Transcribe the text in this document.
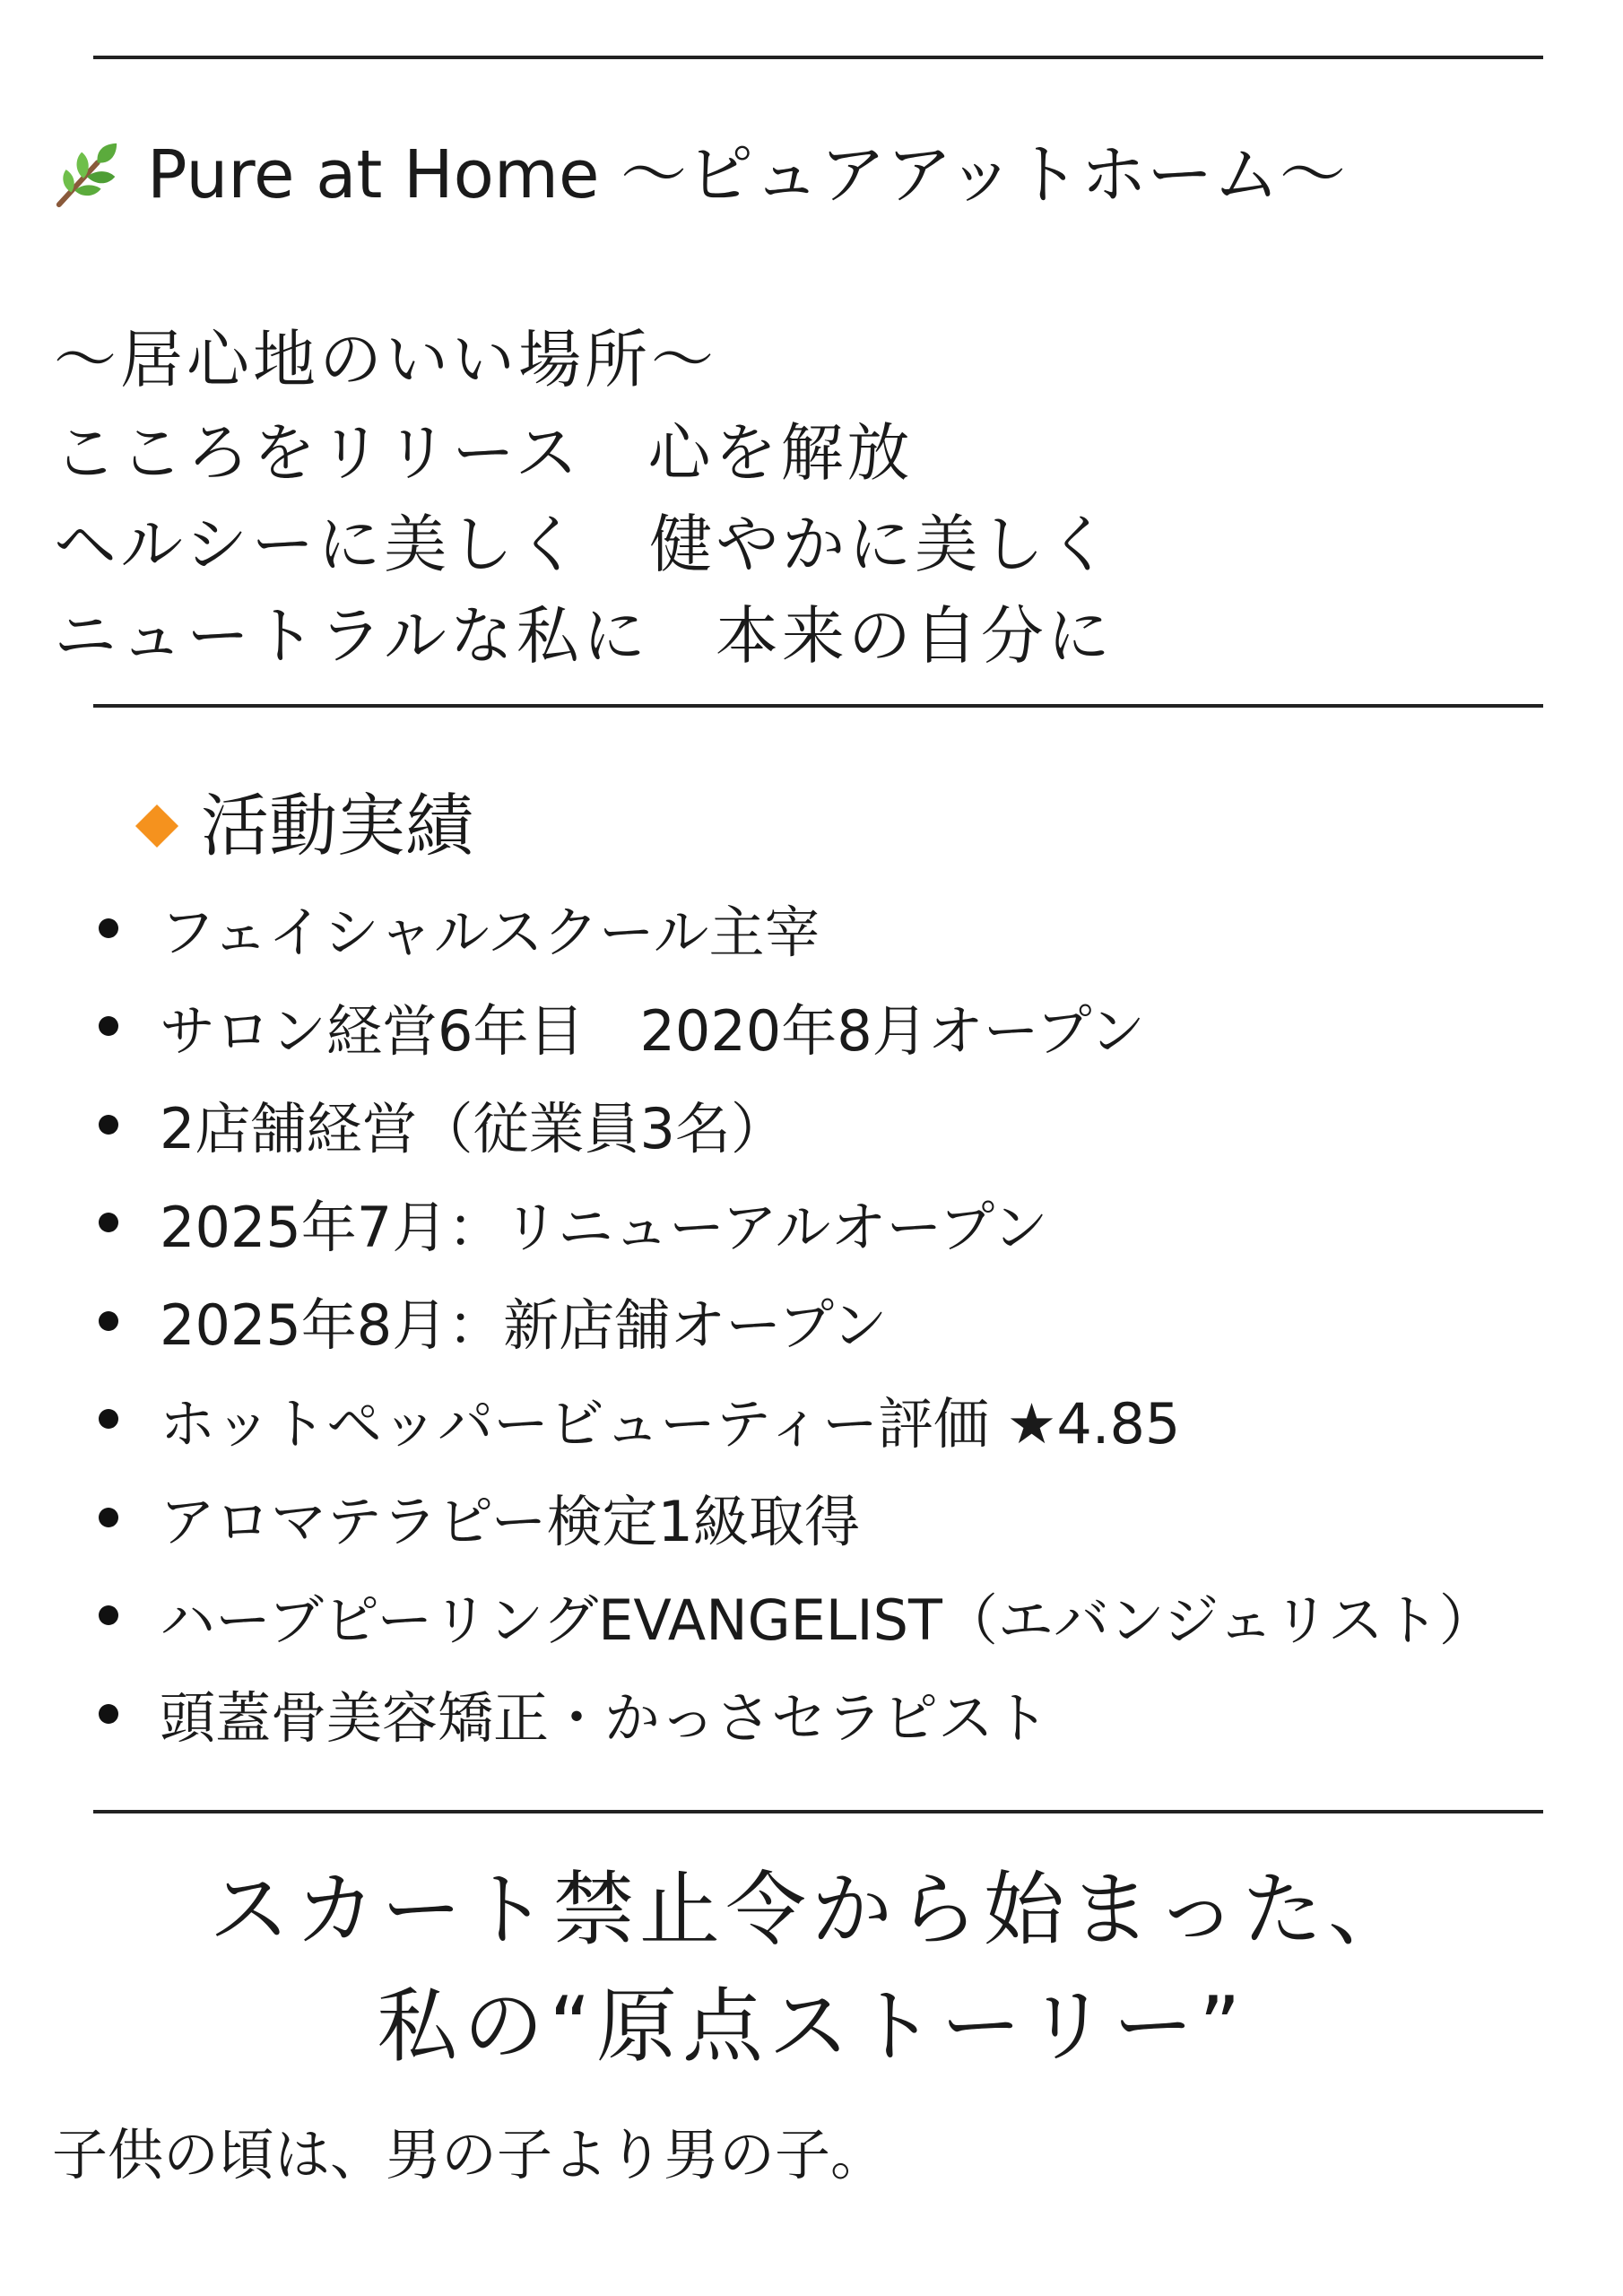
Pure at Home ～ピュアアットホーム～
～居心地のいい場所～
こころをリリース　心を解放
ヘルシーに美しく　健やかに美しく
ニュートラルな私に　本来の自分に
活動実績
フェイシャルスクール主宰
サロン経営6年目　2020年8月オープン
2店舗経営（従業員3名）
2025年7月：リニューアルオープン
2025年8月：新店舗オープン
ホットペッパービューティー評価 ★4.85
アロマテラピー検定1級取得
ハーブピーリングEVANGELIST（エバンジェリスト）
頭蓋骨美容矯正・かっさセラピスト
スカート禁止令から始まった、
私の“原点ストーリー”
子供の頃は、男の子より男の子。
